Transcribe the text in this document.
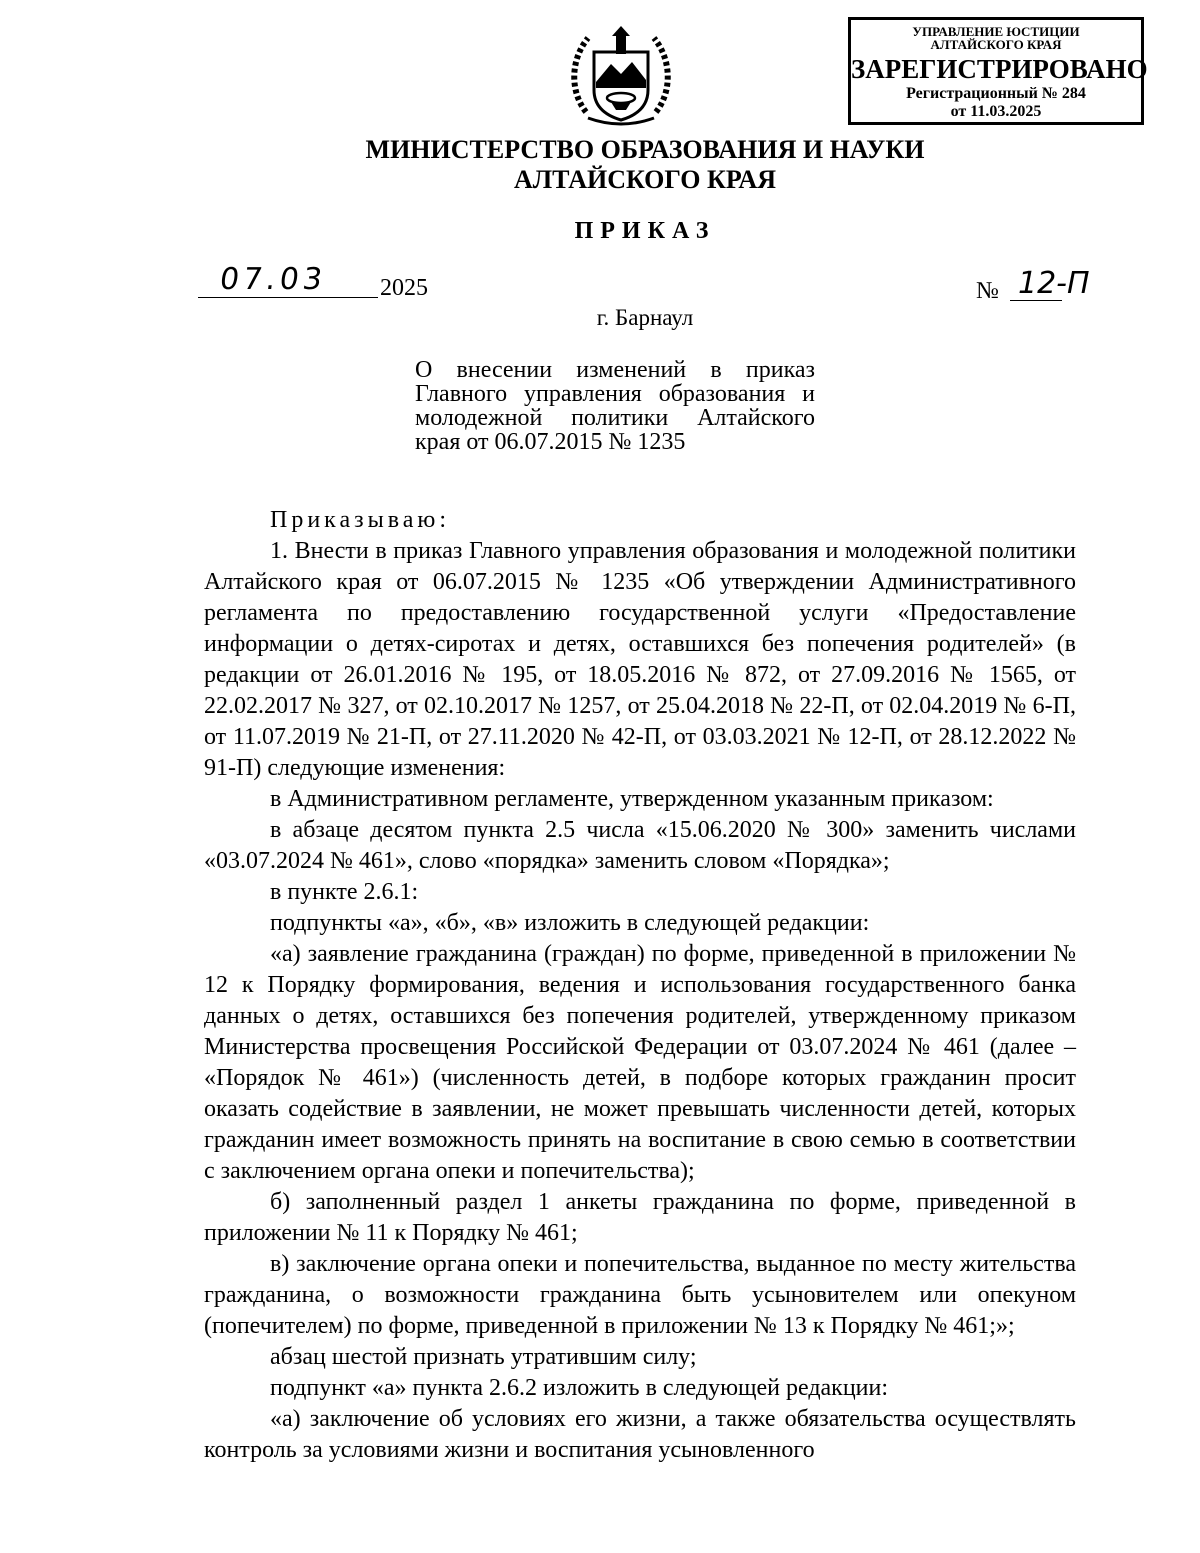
УПРАВЛЕНИЕ ЮСТИЦИИ
АЛТАЙСКОГО КРАЯ
ЗАРЕГИСТРИРОВАНО
Регистрационный № 284
от 11.03.2025
МИНИСТЕРСТВО ОБРАЗОВАНИЯ И НАУКИ
АЛТАЙСКОГО КРАЯ
ПРИКАЗ
07.03 2025	№ 12-П
г. Барнаул
О внесении изменений в приказ
Главного управления образования и
молодежной политики Алтайского
края от 06.07.2015 № 1235

Приказываю:

1. Внести в приказ Главного управления образования и молодежной политики Алтайского края от 06.07.2015 № 1235 «Об утверждении Административного регламента по предоставлению государственной услуги «Предоставление информации о детях-сиротах и детях, оставшихся без попечения родителей» (в редакции от 26.01.2016 № 195, от 18.05.2016 № 872, от 27.09.2016 № 1565, от 22.02.2017 № 327, от 02.10.2017 № 1257, от 25.04.2018 № 22-П, от 02.04.2019 № 6-П, от 11.07.2019 № 21-П, от 27.11.2020 № 42-П, от 03.03.2021 № 12-П, от 28.12.2022 № 91-П) следующие изменения:

в Административном регламенте, утвержденном указанным приказом:

в абзаце десятом пункта 2.5 числа «15.06.2020 № 300» заменить числами «03.07.2024 № 461», слово «порядка» заменить словом «Порядка»;

в пункте 2.6.1:

подпункты «а», «б», «в» изложить в следующей редакции:

«а) заявление гражданина (граждан) по форме, приведенной в приложении № 12 к Порядку формирования, ведения и использования государственного банка данных о детях, оставшихся без попечения родителей, утвержденному приказом Министерства просвещения Российской Федерации от 03.07.2024 № 461 (далее – «Порядок № 461») (численность детей, в подборе которых гражданин просит оказать содействие в заявлении, не может превышать численности детей, которых гражданин имеет возможность принять на воспитание в свою семью в соответствии с заключением органа опеки и попечительства);

б) заполненный раздел 1 анкеты гражданина по форме, приведенной в приложении № 11 к Порядку № 461;

в) заключение органа опеки и попечительства, выданное по месту жительства гражданина, о возможности гражданина быть усыновителем или опекуном (попечителем) по форме, приведенной в приложении № 13 к Порядку № 461;»;

абзац шестой признать утратившим силу;

подпункт «а» пункта 2.6.2 изложить в следующей редакции:

«а) заключение об условиях его жизни, а также обязательства осуществлять контроль за условиями жизни и воспитания усыновленного
